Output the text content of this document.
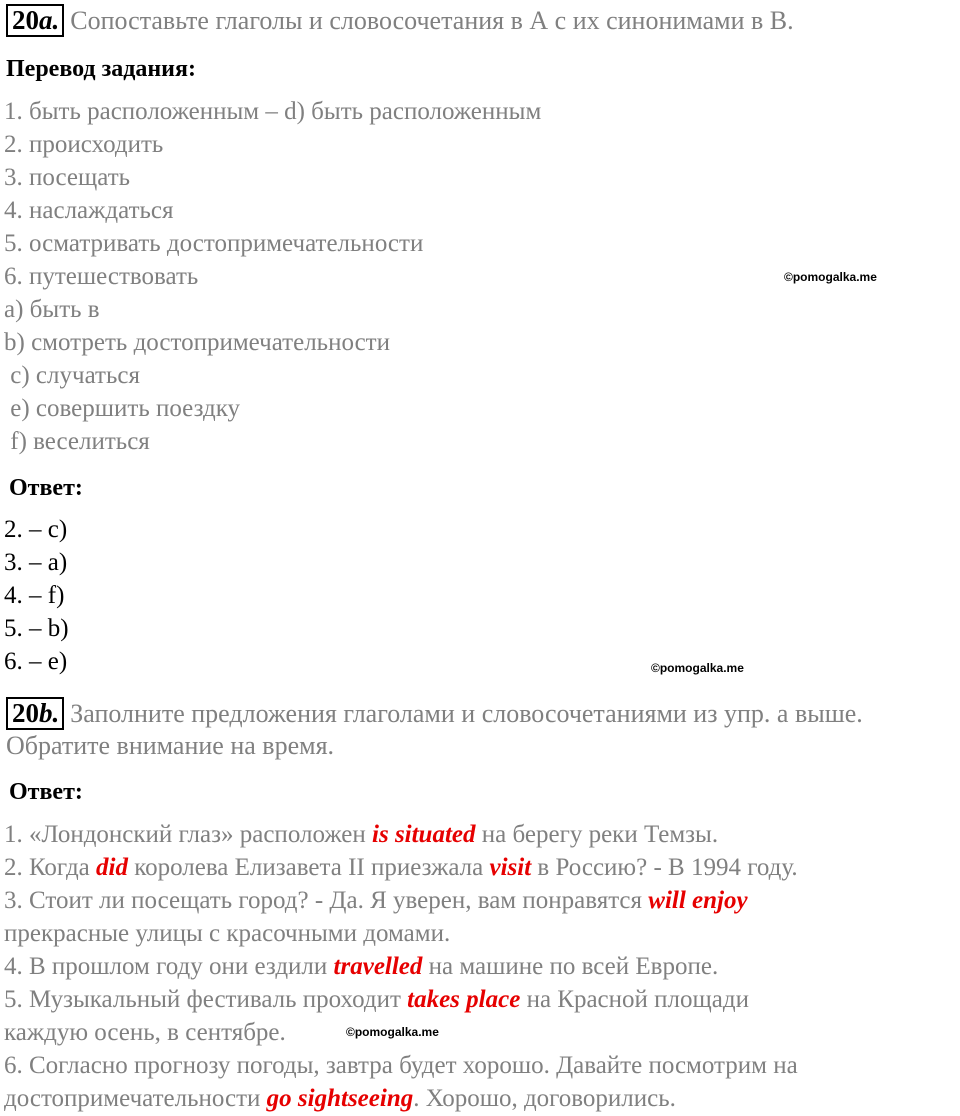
20a. Сопоставьте глаголы и словосочетания в А с их синонимами в В.
Перевод задания:
1. быть расположенным – d) быть расположенным
2. происходить
3. посещать
4. наслаждаться
5. осматривать достопримечательности
6. путешествовать
a) быть в
b) смотреть достопримечательности
c) случаться
e) совершить поездку
f) веселиться
©pomogalka.me
Ответ:
2. – c)
3. – a)
4. – f)
5. – b)
6. – e)	©pomogalka.me
20b. Заполните предложения глаголами и словосочетаниями из упр. а выше.
Обратите внимание на время.
Ответ:
1. «Лондонский глаз» расположен is situated на берегу реки Темзы.
2. Когда did королева Елизавета II приезжала visit в Россию? - В 1994 году.
3. Стоит ли посещать город? - Да. Я уверен, вам понравятся will enjoy
прекрасные улицы с красочными домами.
4. В прошлом году они ездили travelled на машине по всей Европе.
5. Музыкальный фестиваль проходит takes place на Красной площади
каждую осень, в сентябре.	©pomogalka.me
6. Согласно прогнозу погоды, завтра будет хорошо. Давайте посмотрим на
достопримечательности go sightseeing. Хорошо, договорились.
